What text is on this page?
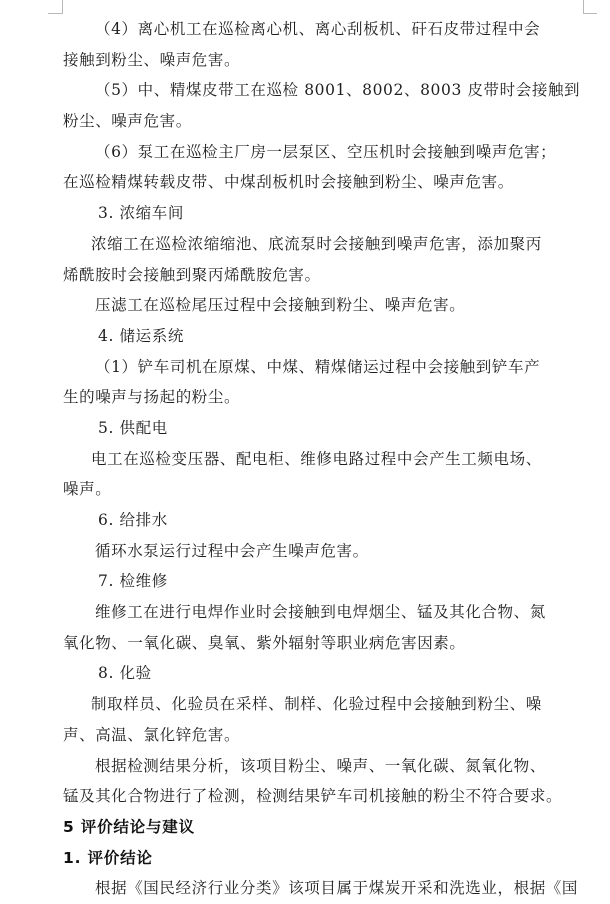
（4）离心机工在巡检离心机、离心刮板机、矸石皮带过程中会
接触到粉尘、噪声危害。
（5）中、精煤皮带工在巡检 8001、8002、8003 皮带时会接触到
粉尘、噪声危害。
（6）泵工在巡检主厂房一层泵区、空压机时会接触到噪声危害；
在巡检精煤转载皮带、中煤刮板机时会接触到粉尘、噪声危害。
3. 浓缩车间
浓缩工在巡检浓缩缩池、底流泵时会接触到噪声危害，添加聚丙
烯酰胺时会接触到聚丙烯酰胺危害。
压滤工在巡检尾压过程中会接触到粉尘、噪声危害。
4. 储运系统
（1）铲车司机在原煤、中煤、精煤储运过程中会接触到铲车产
生的噪声与扬起的粉尘。
5. 供配电
电工在巡检变压器、配电柜、维修电路过程中会产生工频电场、
噪声。
6. 给排水
循环水泵运行过程中会产生噪声危害。
7. 检维修
维修工在进行电焊作业时会接触到电焊烟尘、锰及其化合物、氮
氧化物、一氧化碳、臭氧、紫外辐射等职业病危害因素。
8. 化验
制取样员、化验员在采样、制样、化验过程中会接触到粉尘、噪
声、高温、氯化锌危害。
根据检测结果分析，该项目粉尘、噪声、一氧化碳、氮氧化物、
锰及其化合物进行了检测，检测结果铲车司机接触的粉尘不符合要求。
5 评价结论与建议
1. 评价结论
根据《国民经济行业分类》该项目属于煤炭开采和洗选业，根据《国
